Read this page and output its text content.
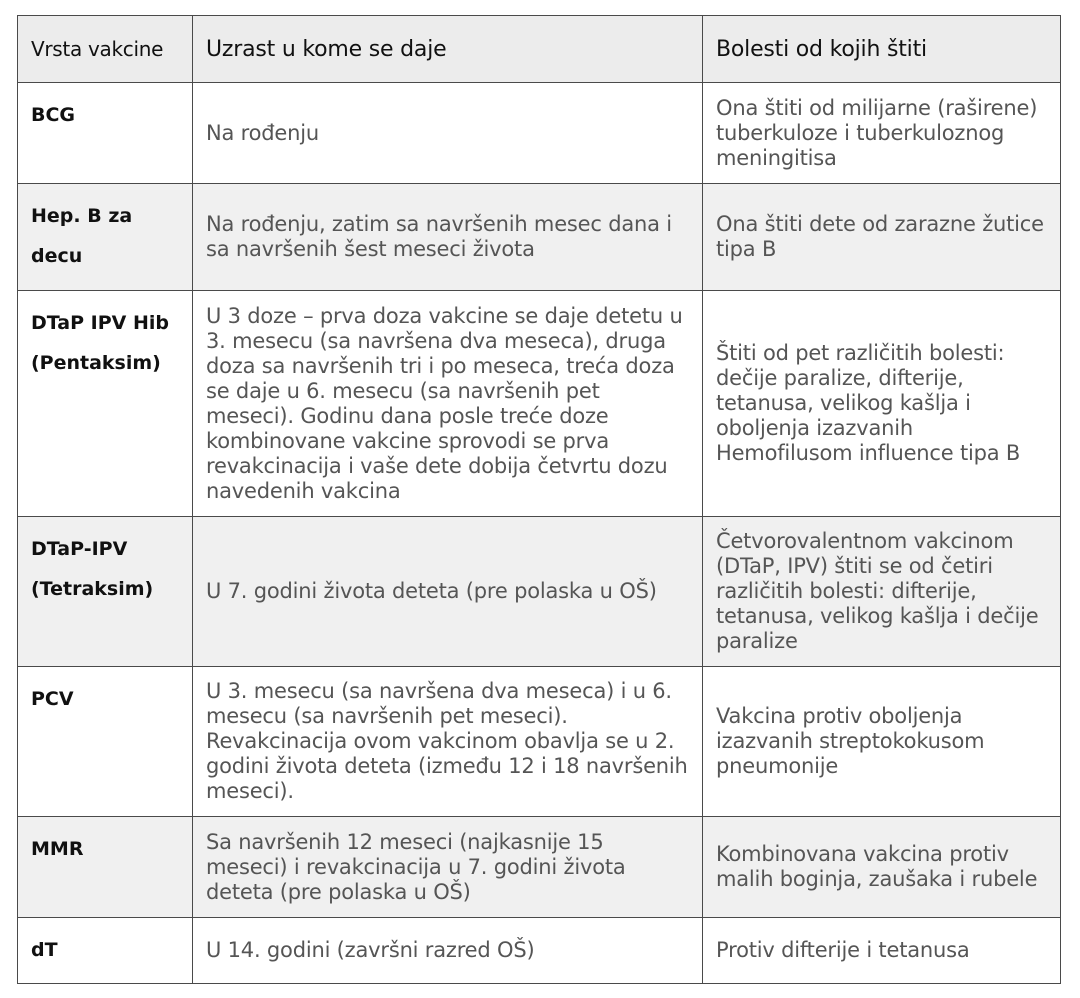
Vrsta vakcine	Uzrast u kome se daje	Bolesti od kojih štiti
BCG	Na rođenju	Ona štiti od milijarne (raširene) tuberkuloze i tuberkuloznog meningitisa
Hep. B za decu	Na rođenju, zatim sa navršenih mesec dana i sa navršenih šest meseci života	Ona štiti dete od zarazne žutice tipa B
DTaP IPV Hib (Pentaksim)	U 3 doze – prva doza vakcine se daje detetu u 3. mesecu (sa navršena dva meseca), druga doza sa navršenih tri i po meseca, treća doza se daje u 6. mesecu (sa navršenih pet meseci). Godinu dana posle treće doze kombinovane vakcine sprovodi se prva revakcinacija i vaše dete dobija četvrtu dozu navedenih vakcina	Štiti od pet različitih bolesti: dečije paralize, difterije, tetanusa, velikog kašlja i oboljenja izazvanih Hemofilusom influence tipa B
DTaP-IPV (Tetraksim)	U 7. godini života deteta (pre polaska u OŠ)	Četvorovalentnom vakcinom (DTaP, IPV) štiti se od četiri različitih bolesti: difterije, tetanusa, velikog kašlja i dečije paralize
PCV	U 3. mesecu (sa navršena dva meseca) i u 6. mesecu (sa navršenih pet meseci). Revakcinacija ovom vakcinom obavlja se u 2. godini života deteta (između 12 i 18 navršenih meseci).	Vakcina protiv oboljenja izazvanih streptokokusom pneumonije
MMR	Sa navršenih 12 meseci (najkasnije 15 meseci) i revakcinacija u 7. godini života deteta (pre polaska u OŠ)	Kombinovana vakcina protiv malih boginja, zaušaka i rubele
dT	U 14. godini (završni razred OŠ)	Protiv difterije i tetanusa
